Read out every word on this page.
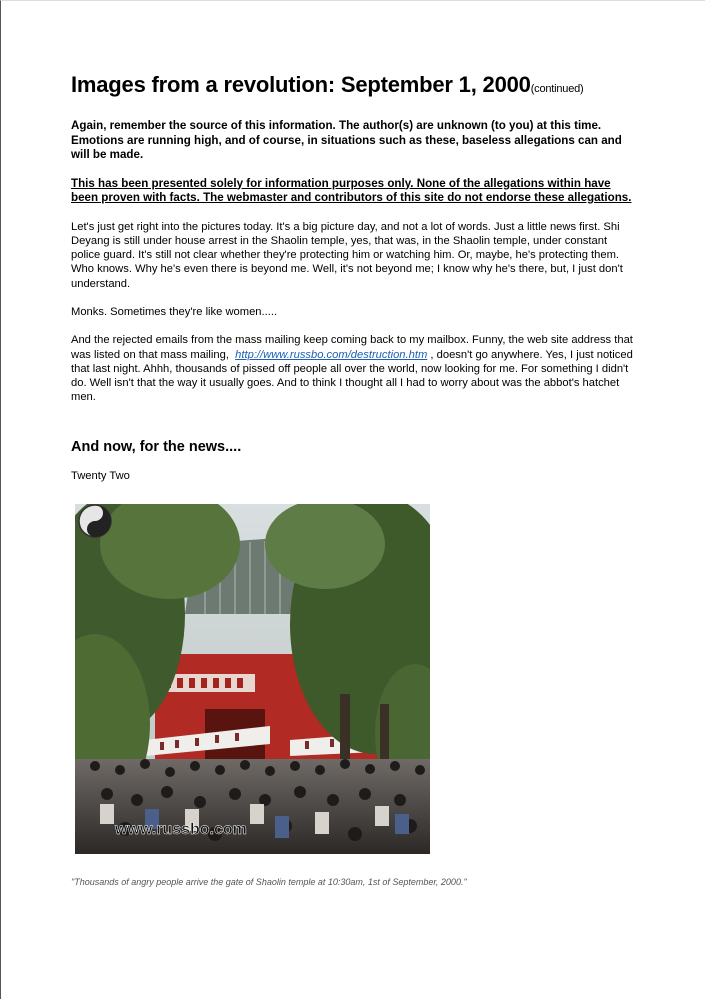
Images from a revolution: September 1, 2000(continued)
Again, remember the source of this information. The author(s) are unknown (to you) at this time. Emotions are running high, and of course, in situations such as these, baseless allegations can and will be made.
This has been presented solely for information purposes only. None of the allegations within have been proven with facts. The webmaster and contributors of this site do not endorse these allegations.
Let's just get right into the pictures today. It's a big picture day, and not a lot of words. Just a little news first. Shi Deyang is still under house arrest in the Shaolin temple, yes, that was, in the Shaolin temple, under constant police guard. It's still not clear whether they're protecting him or watching him. Or, maybe, he's protecting them. Who knows. Why he's even there is beyond me. Well, it's not beyond me; I know why he's there, but, I just don't understand.
Monks. Sometimes they're like women.....
And the rejected emails from the mass mailing keep coming back to my mailbox. Funny, the web site address that was listed on that mass mailing, http://www.russbo.com/destruction.htm , doesn't go anywhere. Yes, I just noticed that last night. Ahhh, thousands of pissed off people all over the world, now looking for me. For something I didn't do. Well isn't that the way it usually goes. And to think I thought all I had to worry about was the abbot's hatchet men.
And now, for the news....
Twenty Two
www.russbo.com
"Thousands of angry people arrive the gate of Shaolin temple at 10:30am, 1st of September, 2000."
